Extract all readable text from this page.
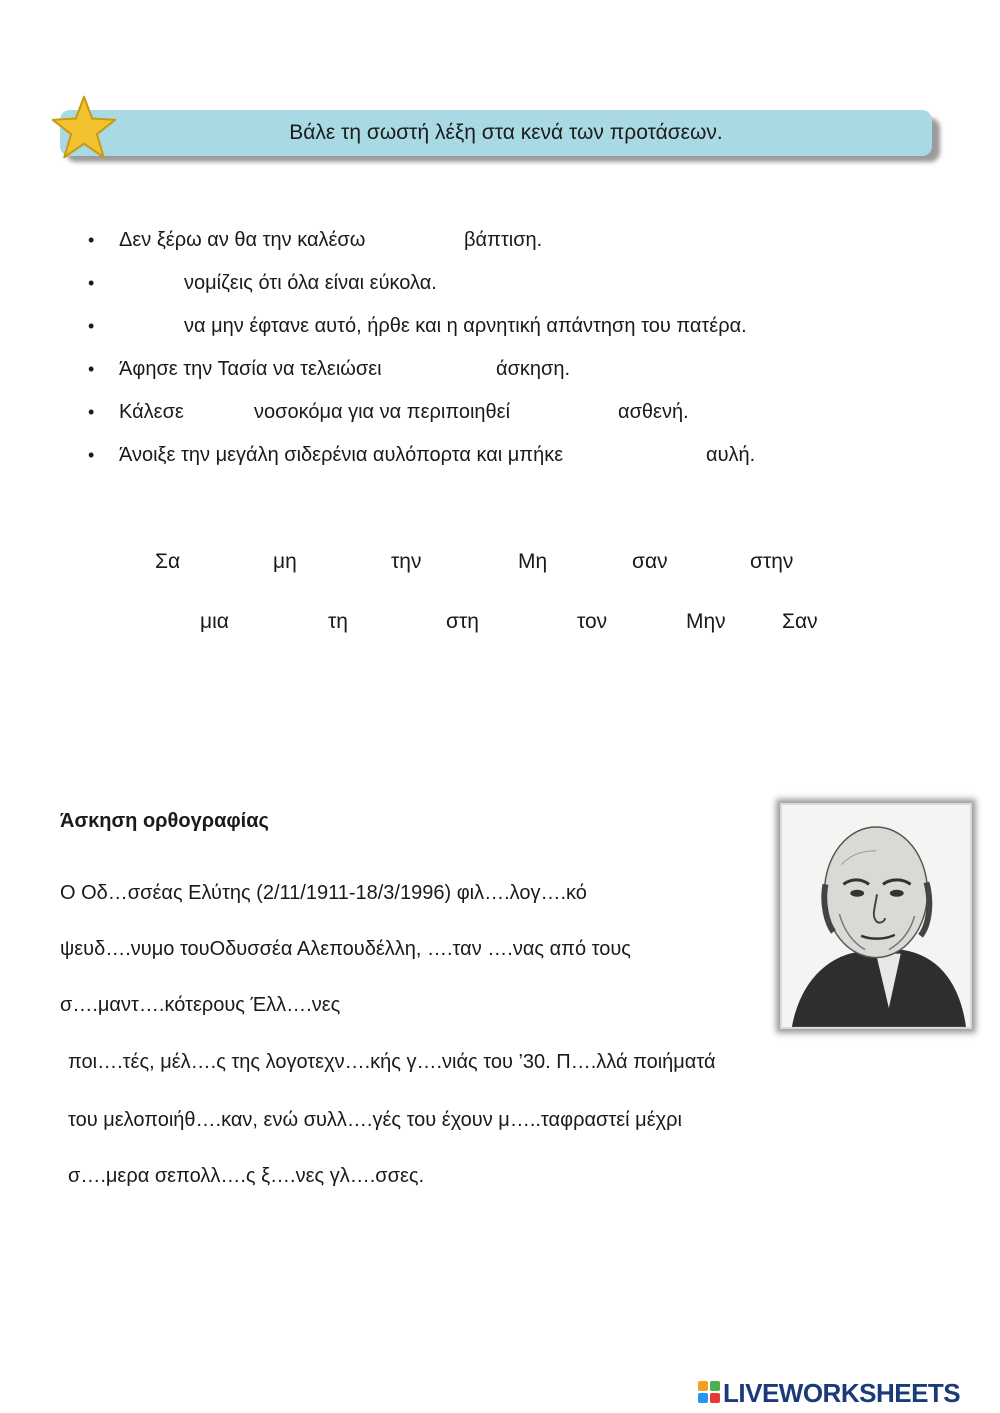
Βάλε τη σωστή λέξη στα κενά των προτάσεων.
Δεν ξέρω αν θα την καλέσω	βάπτιση.
νομίζεις ότι όλα είναι εύκολα.
να μην έφτανε αυτό, ήρθε και η αρνητική απάντηση του πατέρα.
Άφησε την Τασία να τελειώσει	άσκηση.
Κάλεσε	νοσοκόμα για να περιποιηθεί	ασθενή.
Άνοιξε την μεγάλη σιδερένια αυλόπορτα και μπήκε	αυλή.
Σα	μη	την	Μη	σαν	στην
μια	τη	στη	τον	Μην	Σαν
Άσκηση ορθογραφίας
Ο Οδ…σσέας Ελύτης (2/11/1911-18/3/1996) φιλ….λογ….κό
ψευδ….νυμο τουΟδυσσέα Αλεπουδέλλη, ….ταν ….νας από τους
σ….μαντ….κότερους Έλλ….νες
ποι….τές, μέλ….ς της λογοτεχν….κής γ….νιάς του ’30. Π….λλά ποιήματά
του μελοποιήθ….καν, ενώ συλλ….γές του έχουν μ…..ταφραστεί μέχρι
σ….μερα σεπολλ….ς ξ….νες γλ….σσες.
LIVEWORKSHEETS
